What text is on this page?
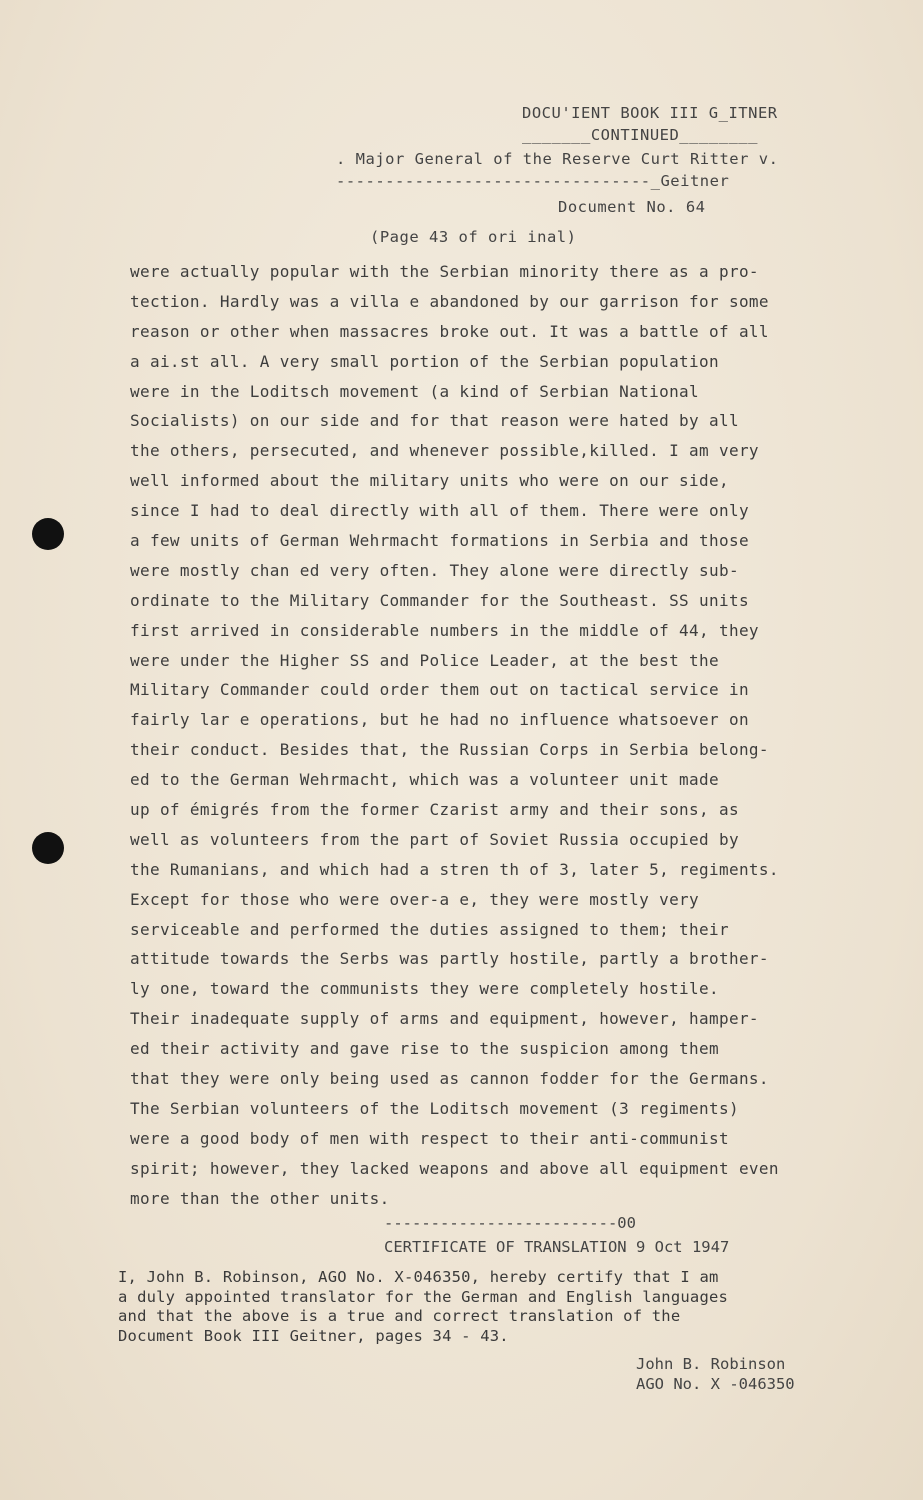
DOCU'IENT BOOK III G_ITNER
_______CONTINUED________
. Major General of the Reserve Curt Ritter v.
--------------------------------_Geitner
Document No. 64
(Page 43 of ori inal)
were actually popular with the Serbian minority there as a pro-
tection. Hardly was a villa e abandoned by our garrison for some
reason or other when massacres broke out. It was a battle of all
a ai.st all. A very small portion of the Serbian population
were in the Loditsch movement (a kind of Serbian National
Socialists) on our side and for that reason were hated by all
the others, persecuted, and whenever possible,killed. I am very
well informed about the military units who were on our side,
since I had to deal directly with all of them. There were only
a few units of German Wehrmacht formations in Serbia and those
were mostly chan ed very often. They alone were directly sub-
ordinate to the Military Commander for the Southeast. SS units
first arrived in considerable numbers in the middle of 44, they
were under the Higher SS and Police Leader, at the best the
Military Commander could order them out on tactical service in
fairly lar e operations, but he had no influence whatsoever on
their conduct. Besides that, the Russian Corps in Serbia belong-
ed to the German Wehrmacht, which was a volunteer unit made
up of émigrés from the former Czarist army and their sons, as
well as volunteers from the part of Soviet Russia occupied by
the Rumanians, and which had a stren th of 3, later 5, regiments.
Except for those who were over-a e, they were mostly very
serviceable and performed the duties assigned to them; their
attitude towards the Serbs was partly hostile, partly a brother-
ly one, toward the communists they were completely hostile.
Their inadequate supply of arms and equipment, however, hamper-
ed their activity and gave rise to the suspicion among them
that they were only being used as cannon fodder for the Germans.
The Serbian volunteers of the Loditsch movement (3 regiments)
were a good body of men with respect to their anti-communist
spirit; however, they lacked weapons and above all equipment even
more than the other units.
-------------------------00
CERTIFICATE OF TRANSLATION 9 Oct 1947
I, John B. Robinson, AGO No. X-046350, hereby certify that I am
a duly appointed translator for the German and English languages
and that the above is a true and correct translation of the
Document Book III Geitner, pages 34 - 43.
John B. Robinson
AGO No. X -046350
